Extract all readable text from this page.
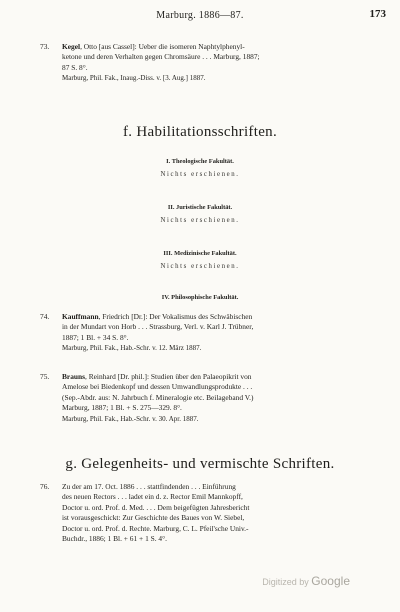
Marburg. 1886—87.	173
73. Kegel, Otto [aus Cassel]: Ueber die isomeren Naphtylphenyl-
ketone und deren Verhalten gegen Chromsäure . . . Marburg, 1887;
87 S. 8°.
Marburg, Phil. Fak., Inaug.-Diss. v. [3. Aug.] 1887.
f. Habilitationsschriften.
I. Theologische Fakultät.
Nichts erschienen.
II. Juristische Fakultät.
Nichts erschienen.
III. Medizinische Fakultät.
Nichts erschienen.
IV. Philosophische Fakultät.
74. Kauffmann, Friedrich [Dr.]: Der Vokalismus des Schwäbischen
in der Mundart von Horb . . . Strassburg, Verl. v. Karl J. Trübner,
1887; 1 Bl. + 34 S. 8°.
Marburg, Phil. Fak., Hab.-Schr. v. 12. März 1887.
75. Brauns, Reinhard [Dr. phil.]: Studien über den Palaeopikrit von
Amelose bei Biedenkopf und dessen Umwandlungsprodukte . . .
(Sep.-Abdr. aus: N. Jahrbuch f. Mineralogie etc. Beilageband V.)
Marburg, 1887; 1 Bl. + S. 275—329. 8°.
Marburg, Phil. Fak., Hab.-Schr. v. 30. Apr. 1887.
g. Gelegenheits- und vermischte Schriften.
76. Zu der am 17. Oct. 1886 . . . stattfindenden . . . Einführung
des neuen Rectors . . . ladet ein d. z. Rector Emil Mannkopff,
Doctor u. ord. Prof. d. Med. . . . Dem beigefügten Jahresbericht
ist vorausgeschickt: Zur Geschichte des Baues von W. Siebel,
Doctor u. ord. Prof. d. Rechte. Marburg, C. L. Pfeil'sche Univ.-
Buchdr., 1886; 1 Bl. + 61 + 1 S. 4°.
Digitized by Google
